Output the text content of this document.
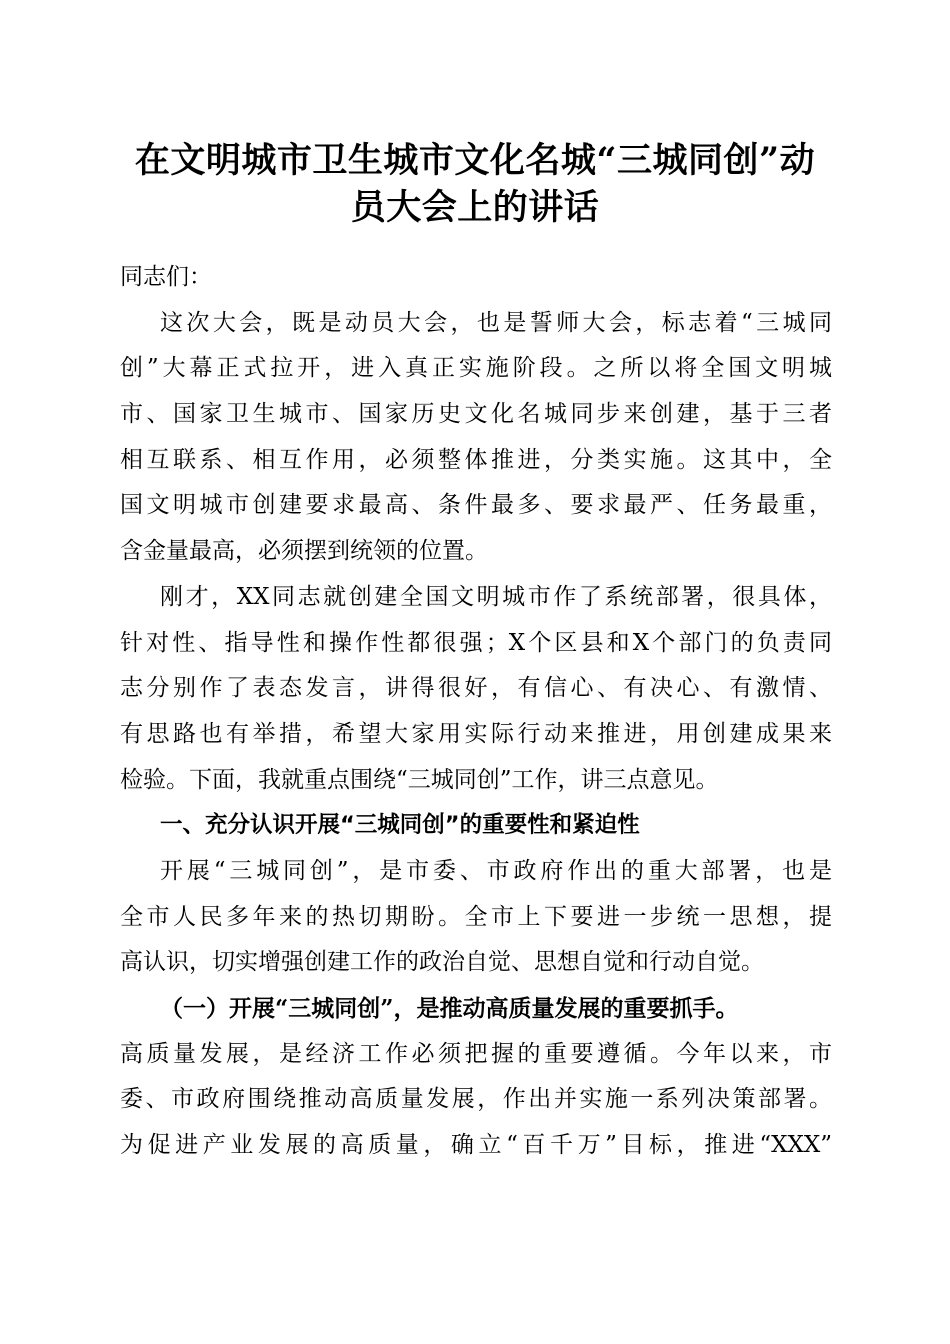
在文明城市卫生城市文化名城“三城同创”动
员大会上的讲话
同志们：
这次大会，既是动员大会，也是誓师大会，标志着“三城同
创”大幕正式拉开，进入真正实施阶段。之所以将全国文明城
市、国家卫生城市、国家历史文化名城同步来创建，基于三者
相互联系、相互作用，必须整体推进，分类实施。这其中，全
国文明城市创建要求最高、条件最多、要求最严、任务最重，
含金量最高，必须摆到统领的位置。
刚才，XX同志就创建全国文明城市作了系统部署，很具体，
针对性、指导性和操作性都很强；X个区县和X个部门的负责同
志分别作了表态发言，讲得很好，有信心、有决心、有激情、
有思路也有举措，希望大家用实际行动来推进，用创建成果来
检验。下面，我就重点围绕“三城同创”工作，讲三点意见。
一、充分认识开展“三城同创”的重要性和紧迫性
开展“三城同创”，是市委、市政府作出的重大部署，也是
全市人民多年来的热切期盼。全市上下要进一步统一思想，提
高认识，切实增强创建工作的政治自觉、思想自觉和行动自觉。
（一）开展“三城同创”，是推动高质量发展的重要抓手。
高质量发展，是经济工作必须把握的重要遵循。今年以来，市
委、市政府围绕推动高质量发展，作出并实施一系列决策部署。
为促进产业发展的高质量，确立“百千万”目标，推进“XXX”
